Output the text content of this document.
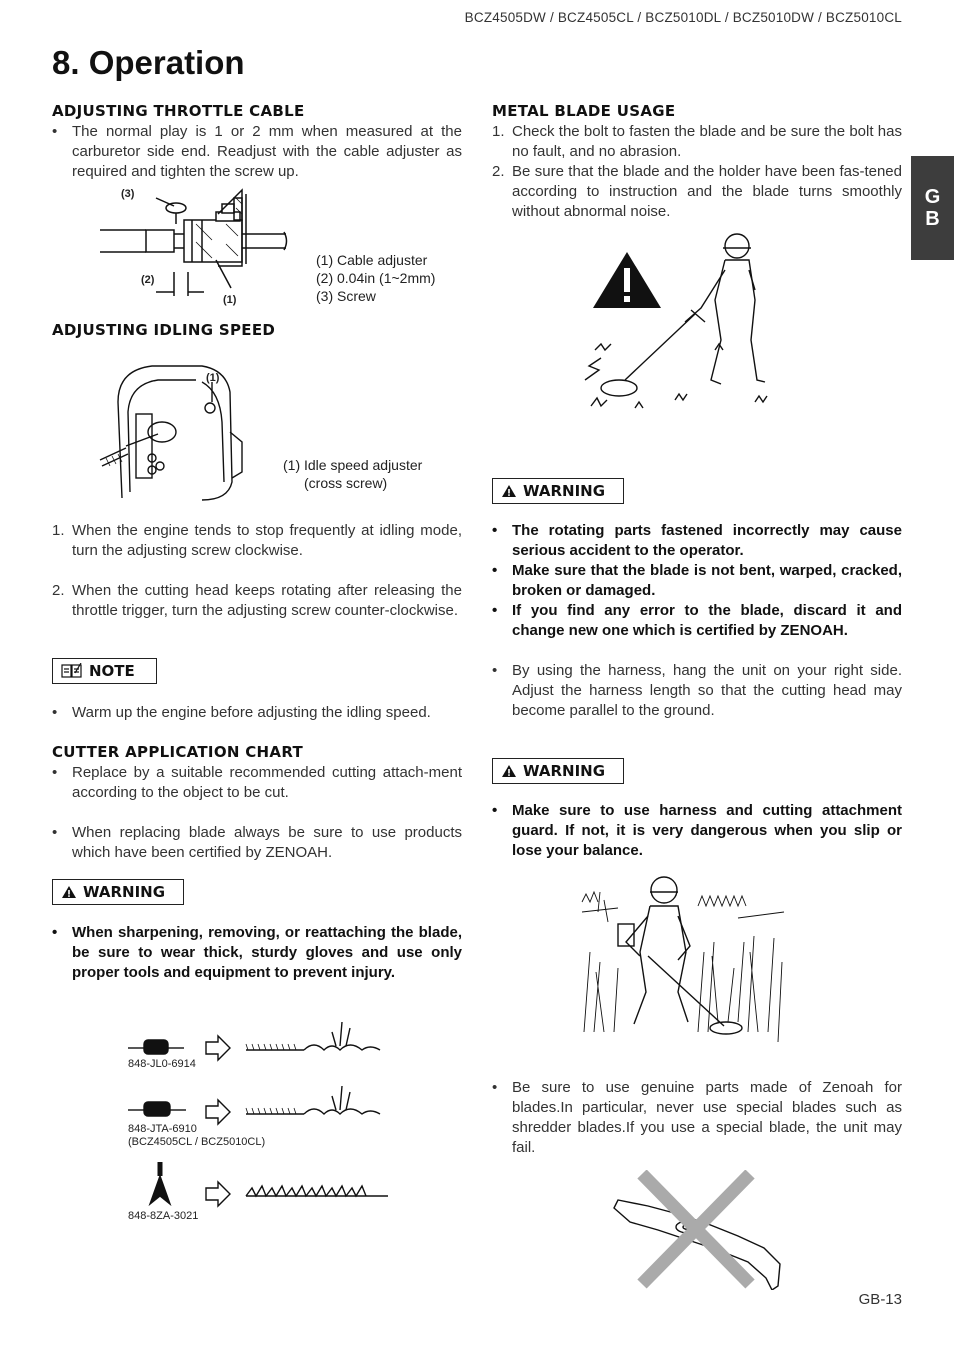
BCZ4505DW / BCZ4505CL / BCZ5010DL / BCZ5010DW / BCZ5010CL
8. Operation
G
B
ADJUSTING THROTTLE CABLE
• The normal play is 1 or 2 mm when measured at the carburetor side end. Readjust with the cable adjuster as required and tighten the screw up.
(3)
(2)
(1)
(1) Cable adjuster
(2) 0.04in (1~2mm)
(3) Screw
ADJUSTING IDLING SPEED
(1)
(1) Idle speed adjuster
(cross screw)
1. When the engine tends to stop frequently at idling mode, turn the adjusting screw clockwise.
2. When the cutting head keeps rotating after releasing the throttle trigger, turn the adjusting screw counter-clockwise.
NOTE
• Warm up the engine before adjusting the idling speed.
CUTTER APPLICATION CHART
• Replace by a suitable recommended cutting attach-ment according to the object to be cut.
• When replacing blade always be sure to use products which have been certified by ZENOAH.
WARNING
• When sharpening, removing, or reattaching the blade, be sure to wear thick, sturdy gloves and use only proper tools and equipment to prevent injury.
848-JL0-6914
848-JTA-6910
(BCZ4505CL / BCZ5010CL)
848-8ZA-3021
METAL BLADE USAGE
1. Check the bolt to fasten the blade and be sure the bolt has no fault, and no abrasion.
2. Be sure that the blade and the holder have been fas-tened according to instruction and the blade turns smoothly without abnormal noise.
WARNING
• The rotating parts fastened incorrectly may cause serious accident to the operator.
• Make sure that the blade is not bent, warped, cracked, broken or damaged.
• If you find any error to the blade, discard it and change new one which is certified by ZENOAH.
• By using the harness, hang the unit on your right side. Adjust the harness length so that the cutting head may become parallel to the ground.
WARNING
• Make sure to use harness and cutting attachment guard. If not, it is very dangerous when you slip or lose your balance.
• Be sure to use genuine parts made of Zenoah for blades.In particular, never use special blades such as shredder blades.If you use a special blade, the unit may fail.
GB-13
